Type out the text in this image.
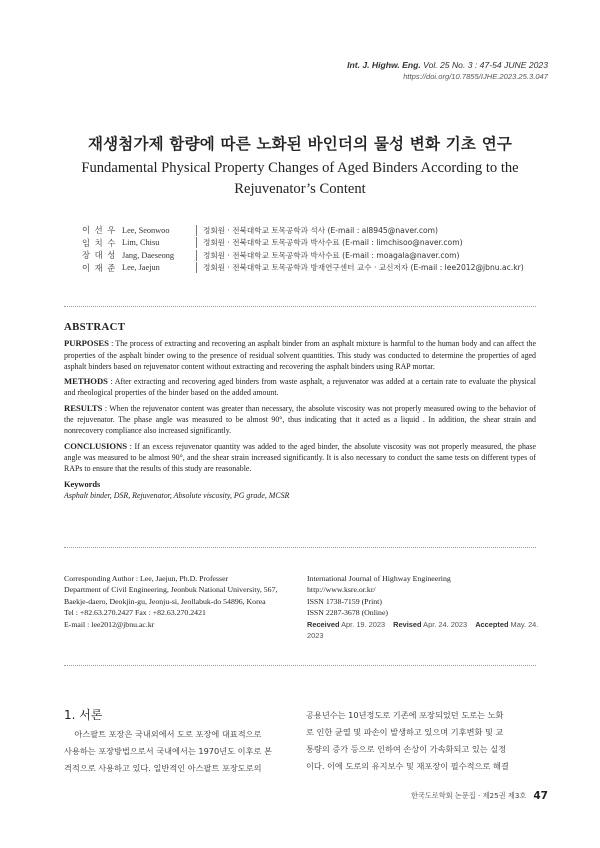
Int. J. Highw. Eng. Vol. 25 No. 3 : 47-54 JUNE 2023
https://doi.org/10.7855/IJHE.2023.25.3.047
재생첨가제 함량에 따른 노화된 바인더의 물성 변화 기초 연구
Fundamental Physical Property Changes of Aged Binders According to the Rejuvenator’s Content
이 선 우 Lee, Seonwoo	정회원 · 전북대학교 토목공학과 석사 (E-mail : al8945@naver.com)
임 치 수 Lim, Chisu	정회원 · 전북대학교 토목공학과 박사수료 (E-mail : limchisoo@naver.com)
장 대 성 Jang, Daeseong	정회원 · 전북대학교 토목공학과 박사수료 (E-mail : moagala@naver.com)
이 재 준 Lee, Jaejun	정회원 · 전북대학교 토목공학과 방재연구센터 교수 · 교신저자 (E-mail : lee2012@jbnu.ac.kr)
ABSTRACT

PURPOSES : The process of extracting and recovering an asphalt binder from an asphalt mixture is harmful to the human body and can affect the properties of the asphalt binder owing to the presence of residual solvent quantities. This study was conducted to determine the properties of aged asphalt binders based on rejuvenator content without extracting and recovering the asphalt binders using RAP mortar.

METHODS : After extracting and recovering aged binders from waste asphalt, a rejuvenator was added at a certain rate to evaluate the physical and rheological properties of the binder based on the added amount.

RESULTS : When the rejuvenator content was greater than necessary, the absolute viscosity was not properly measured owing to the behavior of the rejuvenator. The phase angle was measured to be almost 90°, thus indicating that it acted as a liquid . In addition, the shear strain and nonrecovery compliance also increased significantly.

CONCLUSIONS : If an excess rejuvenator quantity was added to the aged binder, the absolute viscosity was not properly measured, the phase angle was measured to be almost 90°, and the shear strain increased significantly. It is also necessary to conduct the same tests on different types of RAPs to ensure that the results of this study are reasonable.

Keywords
Asphalt binder, DSR, Rejuvenator, Absolute viscosity, PG grade, MCSR
Corresponding Author : Lee, Jaejun, Ph.D. Professer
Department of Civil Engineering, Jeonbuk National University, 567,
Baekje-daero, Deokjin-gu, Jeonju-si, Jeollabuk-do 54896, Korea
Tel : +82.63.270.2427 Fax : +82.63.270.2421
E-mail : lee2012@jbnu.ac.kr
International Journal of Highway Engineering
http://www.ksre.or.kr/
ISSN 1738-7159 (Print)
ISSN 2287-3678 (Online)
Received Apr. 19. 2023 Revised Apr. 24. 2023 Accepted May. 24. 2023
1. 서론
아스팔트 포장은 국내외에서 도로 포장에 대표적으로
사용하는 포장방법으로서 국내에서는 1970년도 이후로 본
격적으로 사용하고 있다. 일반적인 아스팔트 포장도로의
공용년수는 10년정도로 기존에 포장되었던 도로는 노화
로 인한 균열 및 파손이 발생하고 있으며 기후변화 및 교
통량의 증가 등으로 인하여 손상이 가속화되고 있는 실정
이다. 이에 도로의 유지보수 및 재포장이 필수적으로 해결
한국도로학회 논문집 · 제25권 제3호 47
